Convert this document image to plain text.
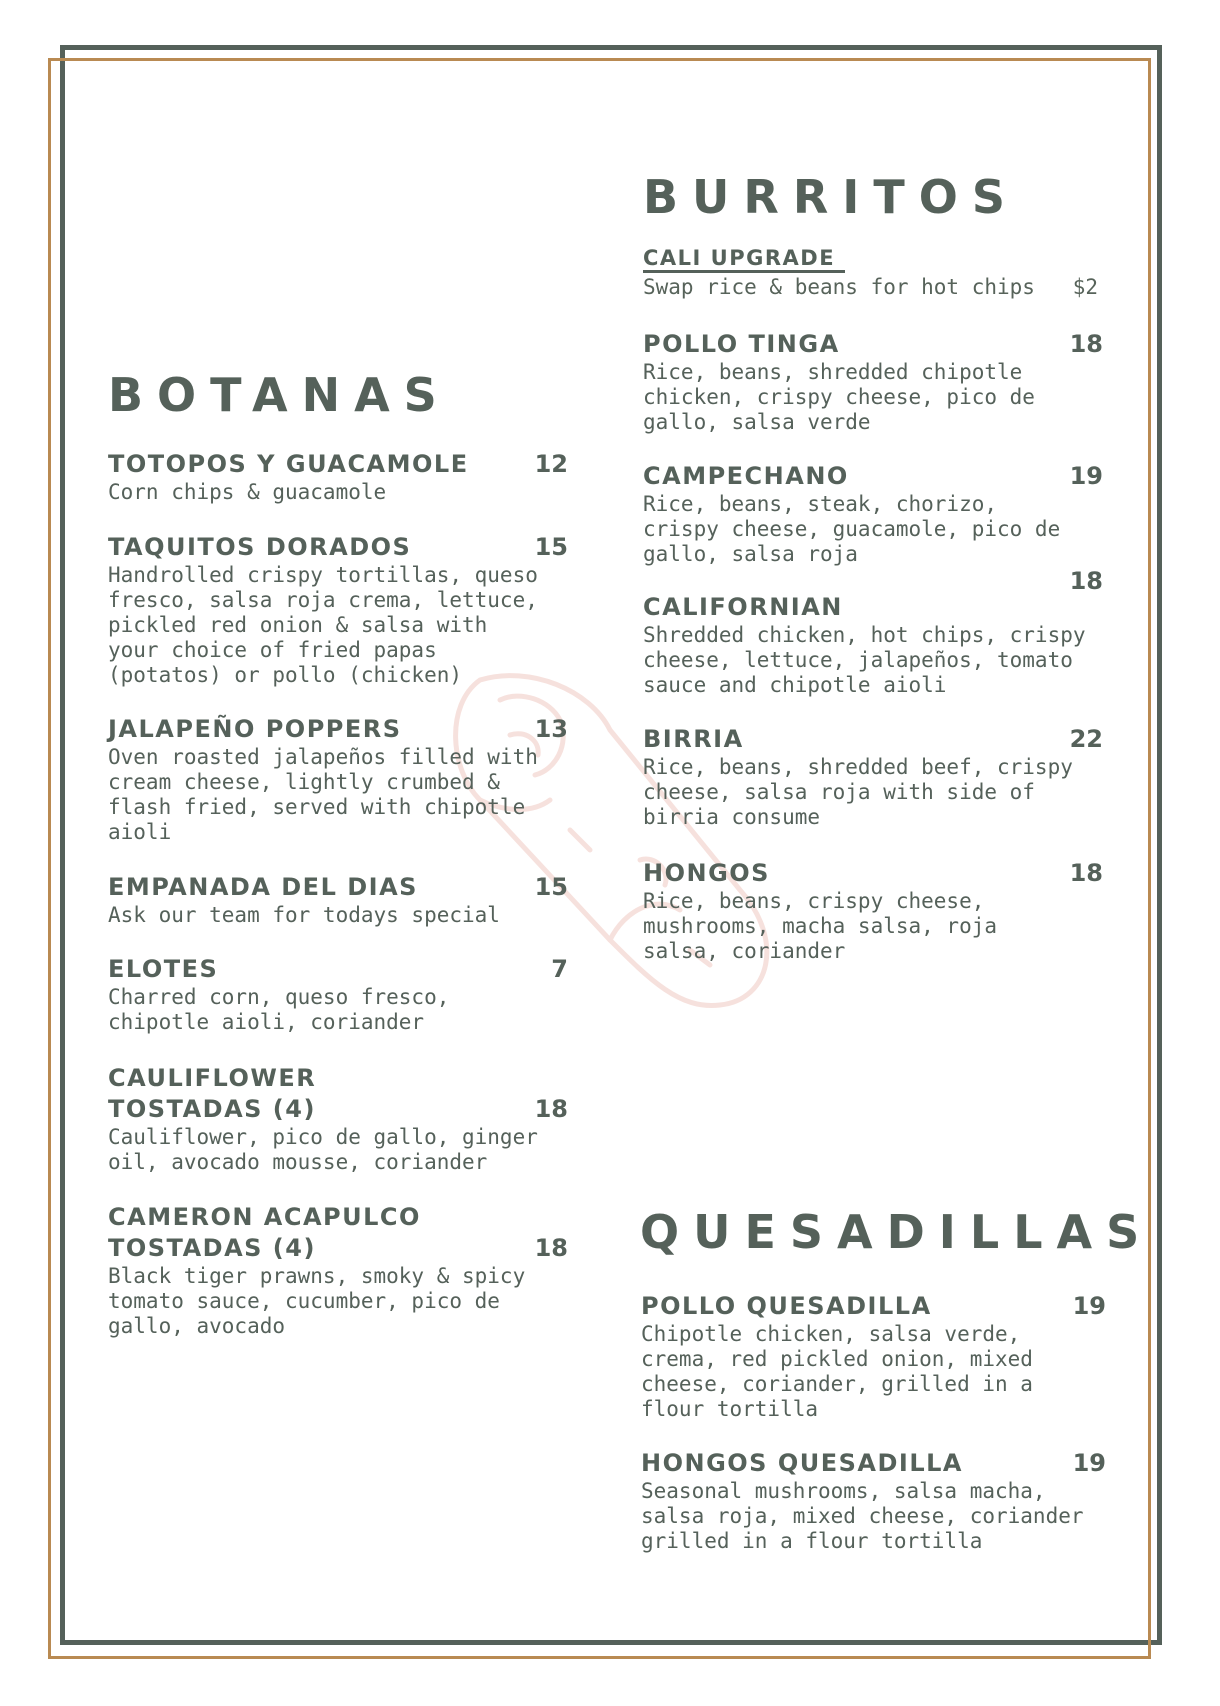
BOTANAS
TOTOPOS Y GUACAMOLE	12
Corn chips & guacamole
TAQUITOS DORADOS	15
Handrolled crispy tortillas, queso
fresco, salsa roja crema, lettuce,
pickled red onion & salsa with
your choice of fried papas
(potatos) or pollo (chicken)
JALAPEÑO POPPERS	13
Oven roasted jalapeños filled with
cream cheese, lightly crumbed &
flash fried, served with chipotle
aioli
EMPANADA DEL DIAS	15
Ask our team for todays special
ELOTES	7
Charred corn, queso fresco,
chipotle aioli, coriander
CAULIFLOWER
TOSTADAS (4)	18
Cauliflower, pico de gallo, ginger
oil, avocado mousse, coriander
CAMERON ACAPULCO
TOSTADAS (4)	18
Black tiger prawns, smoky & spicy
tomato sauce, cucumber, pico de
gallo, avocado
BURRITOS
CALI UPGRADE
Swap rice & beans for hot chips $2
POLLO TINGA	18
Rice, beans, shredded chipotle
chicken, crispy cheese, pico de
gallo, salsa verde
CAMPECHANO	19
Rice, beans, steak, chorizo,
crispy cheese, guacamole, pico de
gallo, salsa roja
CALIFORNIAN
18
Shredded chicken, hot chips, crispy
cheese, lettuce, jalapeños, tomato
sauce and chipotle aioli
BIRRIA	22
Rice, beans, shredded beef, crispy
cheese, salsa roja with side of
birria consume
HONGOS	18
Rice, beans, crispy cheese,
mushrooms, macha salsa, roja
salsa, coriander
QUESADILLAS
POLLO QUESADILLA	19
Chipotle chicken, salsa verde,
crema, red pickled onion, mixed
cheese, coriander, grilled in a
flour tortilla
HONGOS QUESADILLA	19
Seasonal mushrooms, salsa macha,
salsa roja, mixed cheese, coriander
grilled in a flour tortilla
